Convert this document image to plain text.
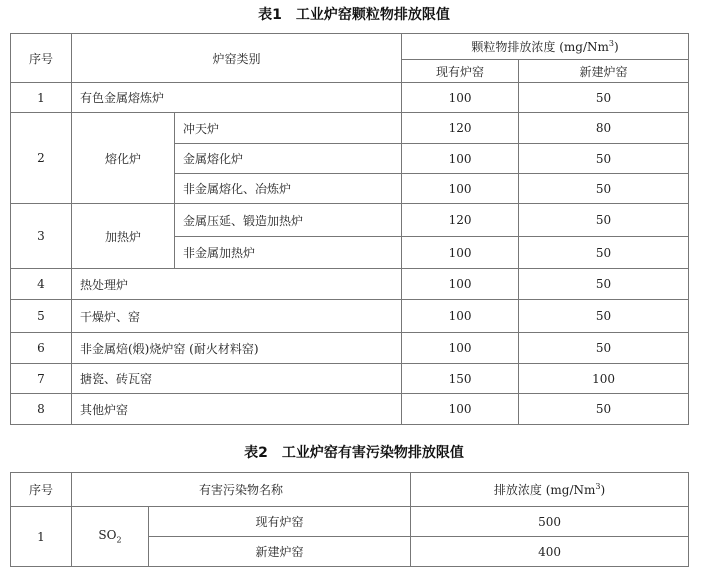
表1　工业炉窑颗粒物排放限值
序号	炉窑类别		颗粒物排放浓度 (mg/Nm$^3$)	
			现有炉窑	新建炉窑
1	有色金属熔炼炉		100	50
2	熔化炉	冲天炉	120	80
		金属熔化炉	100	50
		非金属熔化、冶炼炉	100	50
3	加热炉	金属压延、锻造加热炉	120	50
		非金属加热炉	100	50
4	热处理炉		100	50
5	干燥炉、窑		100	50
6	非金属焙(煅)烧炉窑 (耐火材料窑)		100	50
7	搪瓷、砖瓦窑		150	100
8	其他炉窑		100	50
表2　工业炉窑有害污染物排放限值
序号	有害污染物名称		排放浓度 (mg/Nm$^3$)
1	$SO_2$	现有炉窑	500
		新建炉窑	400
